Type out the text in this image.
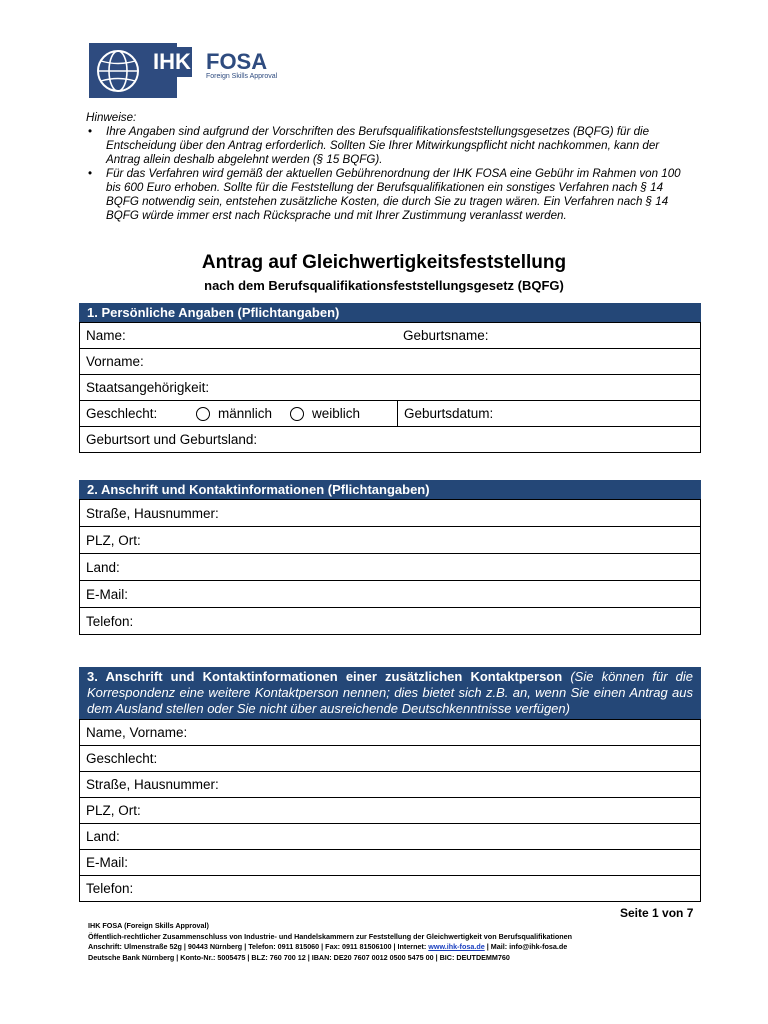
IHK FOSA
Foreign Skills Approval

Hinweise:

• Ihre Angaben sind aufgrund der Vorschriften des Berufsqualifikationsfeststellungsgesetzes (BQFG) für die Entscheidung über den Antrag erforderlich. Sollten Sie Ihrer Mitwirkungspflicht nicht nachkommen, kann der Antrag allein deshalb abgelehnt werden (§ 15 BQFG).
• Für das Verfahren wird gemäß der aktuellen Gebührenordnung der IHK FOSA eine Gebühr im Rahmen von 100 bis 600 Euro erhoben. Sollte für die Feststellung der Berufsqualifikationen ein sonstiges Verfahren nach § 14 BQFG notwendig sein, entstehen zusätzliche Kosten, die durch Sie zu tragen wären. Ein Verfahren nach § 14 BQFG würde immer erst nach Rücksprache und mit Ihrer Zustimmung veranlasst werden.
Antrag auf Gleichwertigkeitsfeststellung
nach dem Berufsqualifikationsfeststellungsgesetz (BQFG)
1. Persönliche Angaben (Pflichtangaben)
Name:	Geburtsname:
Vorname:
Staatsangehörigkeit:
Geschlecht:	männlich	weiblich	Geburtsdatum:
Geburtsort und Geburtsland:
2. Anschrift und Kontaktinformationen (Pflichtangaben)
Straße, Hausnummer:
PLZ, Ort:
Land:
E-Mail:
Telefon:
3. Anschrift und Kontaktinformationen einer zusätzlichen Kontaktperson (Sie können für die Korrespondenz eine weitere Kontaktperson nennen; dies bietet sich z.B. an, wenn Sie einen Antrag aus dem Ausland stellen oder Sie nicht über ausreichende Deutschkenntnisse verfügen)
Name, Vorname:
Geschlecht:
Straße, Hausnummer:
PLZ, Ort:
Land:
E-Mail:
Telefon:
Seite 1 von 7
IHK FOSA (Foreign Skills Approval)
Öffentlich-rechtlicher Zusammenschluss von Industrie- und Handelskammern zur Feststellung der Gleichwertigkeit von Berufsqualifikationen
Anschrift: Ulmenstraße 52g | 90443 Nürnberg | Telefon: 0911 815060 | Fax: 0911 81506100 | Internet: www.ihk-fosa.de | Mail: info@ihk-fosa.de
Deutsche Bank Nürnberg | Konto-Nr.: 5005475 | BLZ: 760 700 12 | IBAN: DE20 7607 0012 0500 5475 00 | BIC: DEUTDEMM760
